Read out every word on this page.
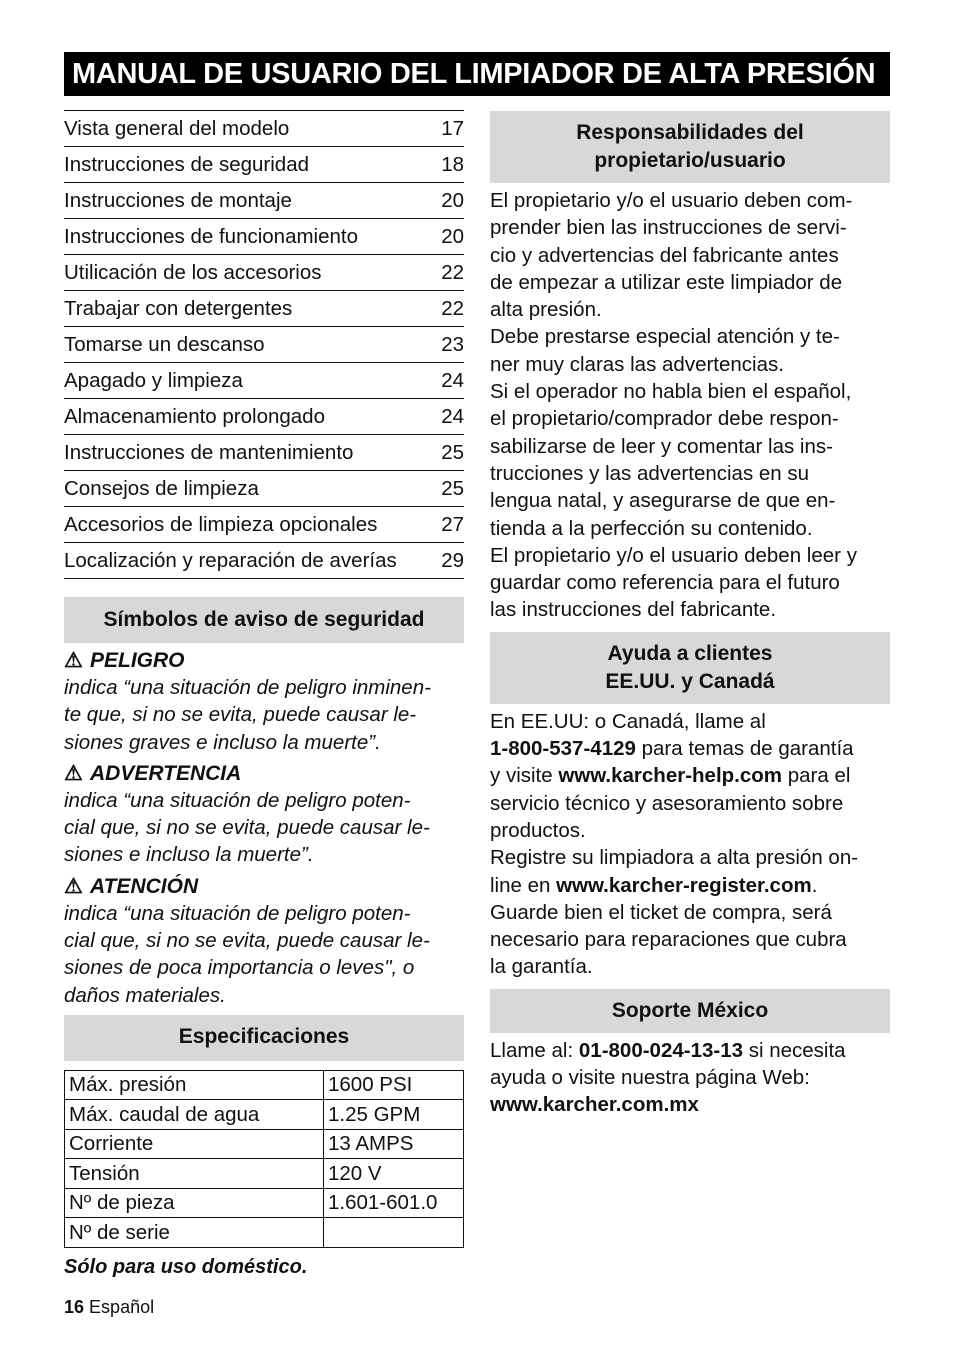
MANUAL DE USUARIO DEL LIMPIADOR DE ALTA PRESIÓN
Vista general del modelo	17
Instrucciones de seguridad	18
Instrucciones de montaje	20
Instrucciones de funcionamiento	20
Utilicación de los accesorios	22
Trabajar con detergentes	22
Tomarse un descanso	23
Apagado y limpieza	24
Almacenamiento prolongado	24
Instrucciones de mantenimiento	25
Consejos de limpieza	25
Accesorios de limpieza opcionales	27
Localización y reparación de averías 29
Símbolos de aviso de seguridad
⚠ PELIGRO
indica “una situación de peligro inminen-
te que, si no se evita, puede causar le-
siones graves e incluso la muerte”.
⚠ ADVERTENCIA
indica “una situación de peligro poten-
cial que, si no se evita, puede causar le-
siones e incluso la muerte”.
⚠ ATENCIÓN
indica “una situación de peligro poten-
cial que, si no se evita, puede causar le-
siones de poca importancia o leves", o
daños materiales.
Especificaciones
Máx. presión	1600 PSI
Máx. caudal de agua	1.25 GPM
Corriente	13 AMPS
Tensión	120 V
Nº de pieza	1.601-601.0
Nº de serie	
Sólo para uso doméstico.
Responsabilidades del
propietario/usuario
El propietario y/o el usuario deben com-
prender bien las instrucciones de servi-
cio y advertencias del fabricante antes
de empezar a utilizar este limpiador de
alta presión.
Debe prestarse especial atención y te-
ner muy claras las advertencias.
Si el operador no habla bien el español,
el propietario/comprador debe respon-
sabilizarse de leer y comentar las ins-
trucciones y las advertencias en su
lengua natal, y asegurarse de que en-
tienda a la perfección su contenido.
El propietario y/o el usuario deben leer y
guardar como referencia para el futuro
las instrucciones del fabricante.
Ayuda a clientes
EE.UU. y Canadá
En EE.UU: o Canadá, llame al
1-800-537-4129 para temas de garantía
y visite www.karcher-help.com para el
servicio técnico y asesoramiento sobre
productos.
Registre su limpiadora a alta presión on-
line en www.karcher-register.com.
Guarde bien el ticket de compra, será
necesario para reparaciones que cubra
la garantía.
Soporte México
Llame al: 01-800-024-13-13 si necesita
ayuda o visite nuestra página Web:
www.karcher.com.mx
16 Español
